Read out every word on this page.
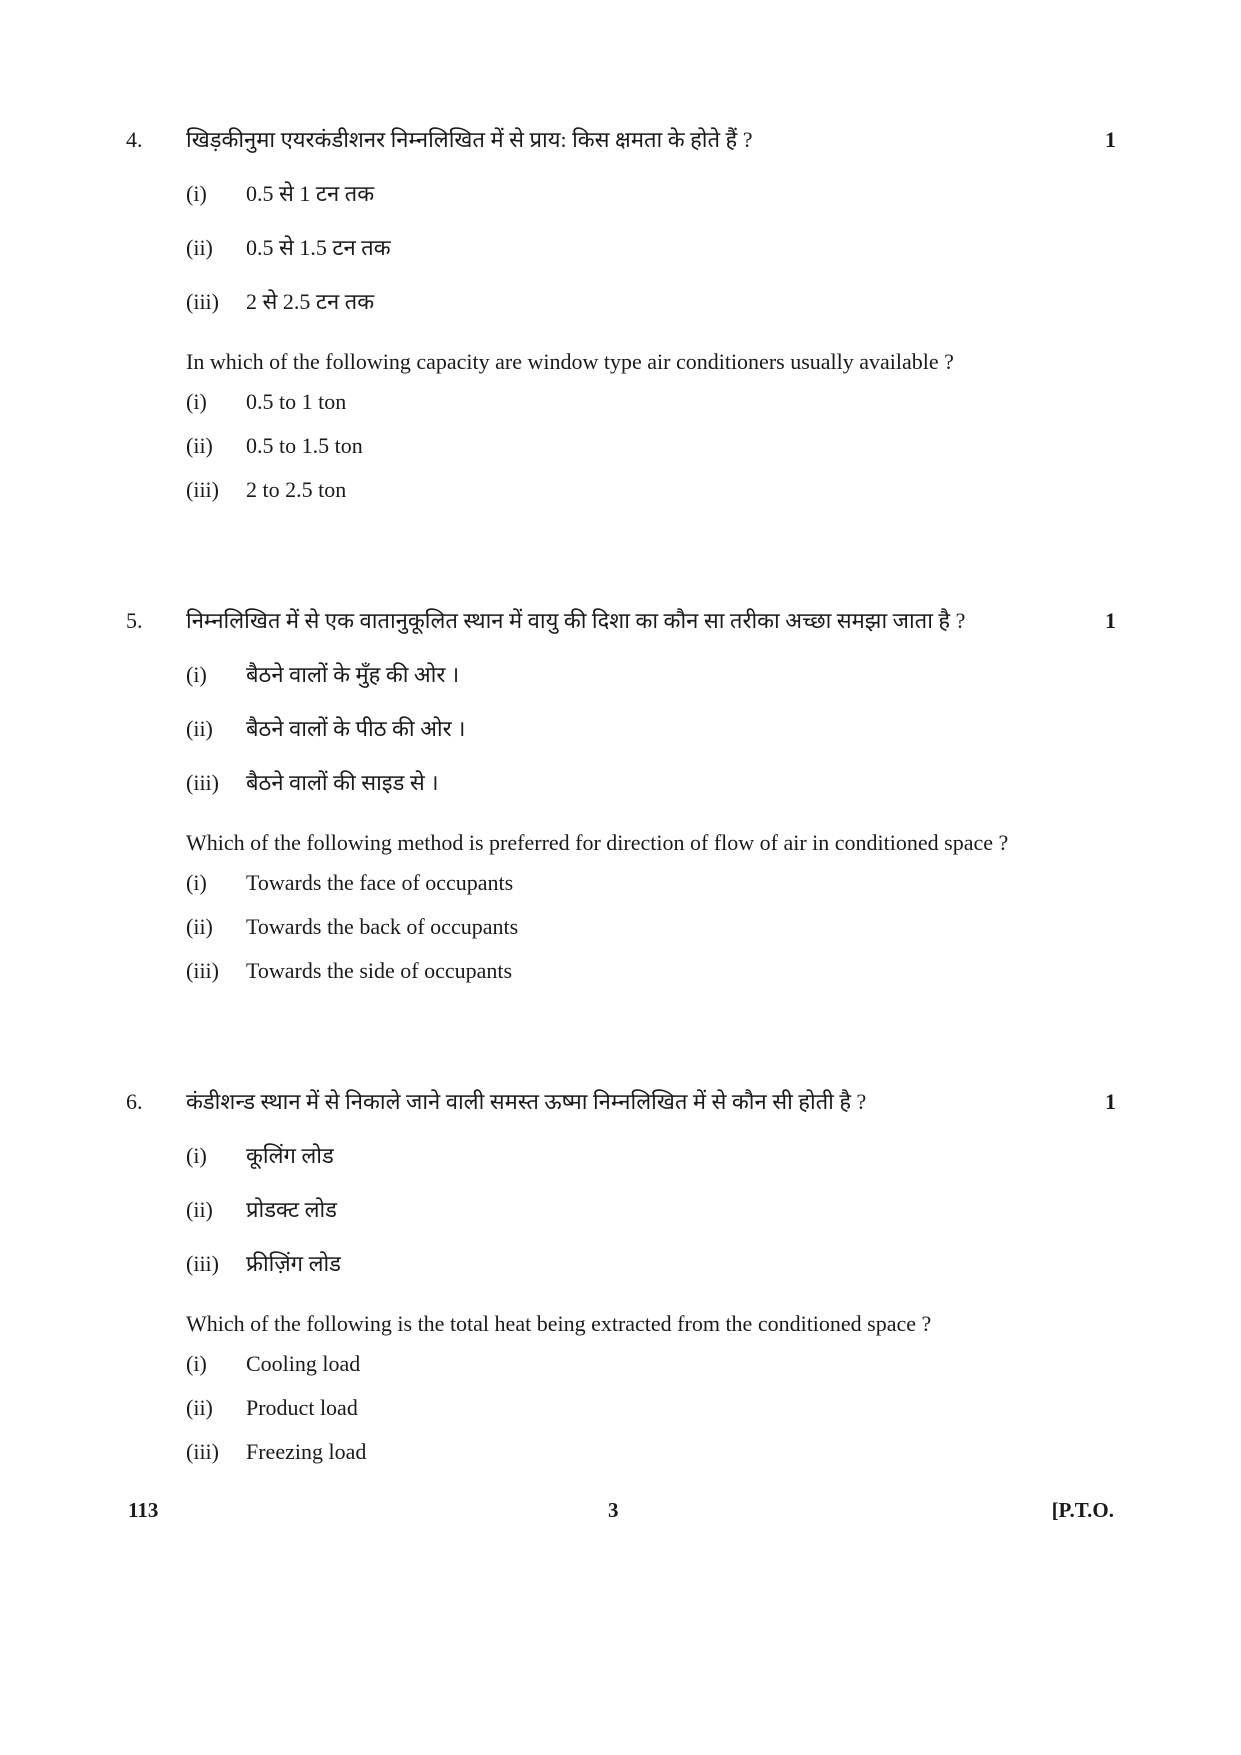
4. खिड़कीनुमा एयरकंडीशनर निम्नलिखित में से प्राय: किस क्षमता के होते हैं ?	1
(i) 0.5 से 1 टन तक
(ii) 0.5 से 1.5 टन तक
(iii) 2 से 2.5 टन तक
In which of the following capacity are window type air conditioners usually available ?
(i) 0.5 to 1 ton
(ii) 0.5 to 1.5 ton
(iii) 2 to 2.5 ton
5. निम्नलिखित में से एक वातानुकूलित स्थान में वायु की दिशा का कौन सा तरीका अच्छा समझा जाता है ?	1
(i) बैठने वालों के मुँह की ओर ।
(ii) बैठने वालों के पीठ की ओर ।
(iii) बैठने वालों की साइड से ।
Which of the following method is preferred for direction of flow of air in conditioned space ?
(i) Towards the face of occupants
(ii) Towards the back of occupants
(iii) Towards the side of occupants
6. कंडीशन्ड स्थान में से निकाले जाने वाली समस्त ऊष्मा निम्नलिखित में से कौन सी होती है ?	1
(i) कूलिंग लोड
(ii) प्रोडक्ट लोड
(iii) फ्रीज़िंग लोड
Which of the following is the total heat being extracted from the conditioned space ?
(i) Cooling load
(ii) Product load
(iii) Freezing load
113	3	[P.T.O.
